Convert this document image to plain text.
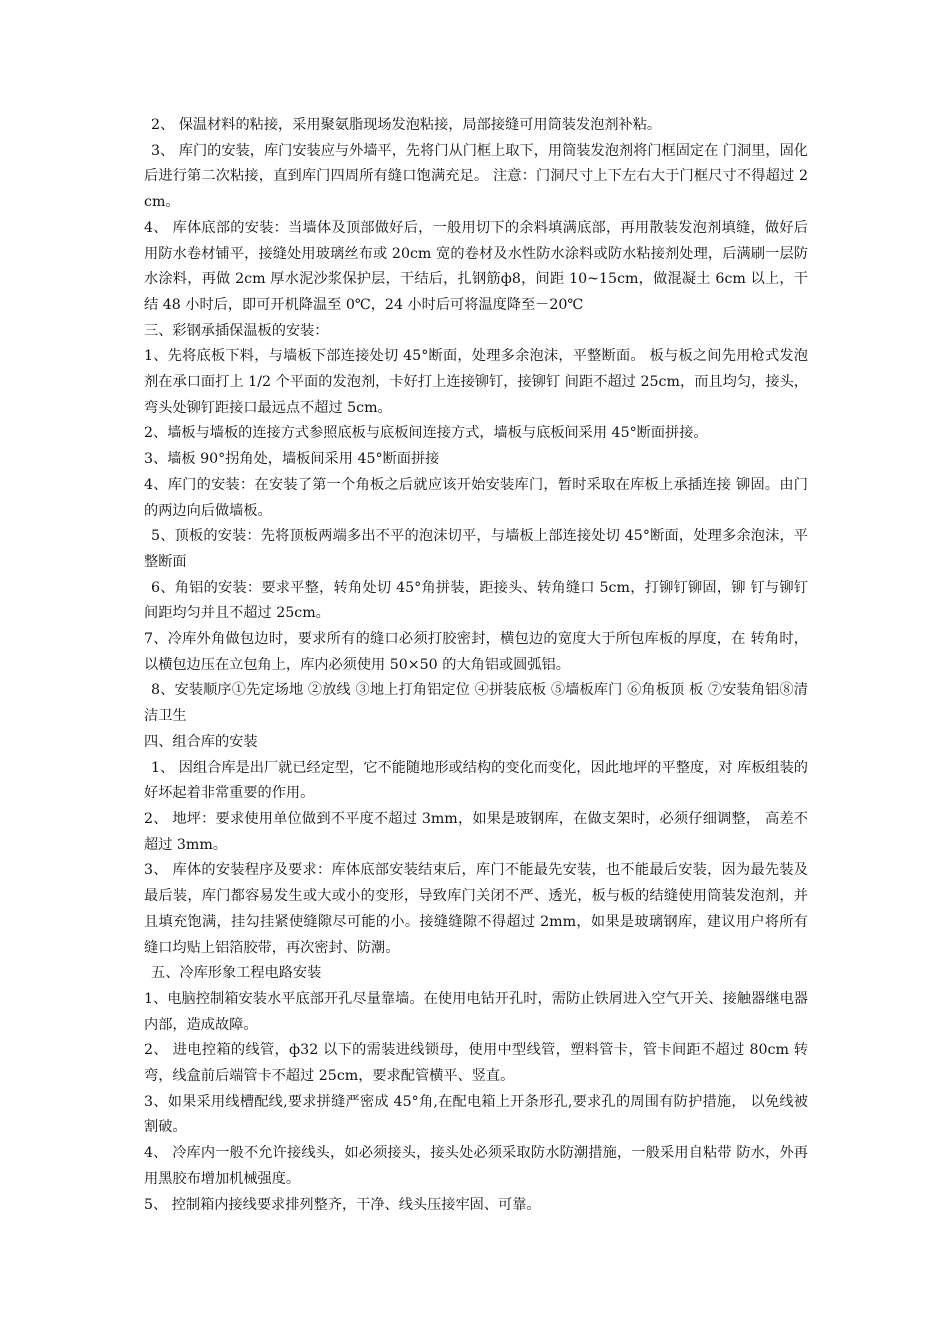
2、 保温材料的粘接，采用聚氨脂现场发泡粘接，局部接缝可用筒装发泡剂补粘。

3、 库门的安装，库门安装应与外墙平，先将门从门框上取下，用筒装发泡剂将门框固定在 门洞里，固化后进行第二次粘接，直到库门四周所有缝口饱满充足。 注意：门洞尺寸上下左右大于门框尺寸不得超过 2cm。

4、 库体底部的安装：当墙体及顶部做好后，一般用切下的余料填满底部，再用散装发泡剂填缝，做好后用防水卷材铺平，接缝处用玻璃丝布或 20cm 宽的卷材及水性防水涂料或防水粘接剂处理，后满刷一层防水涂料，再做 2cm 厚水泥沙浆保护层，干结后，扎钢筋ф8，间距 10~15cm，做混凝土 6cm 以上，干结 48 小时后，即可开机降温至 0℃，24 小时后可将温度降至－20℃

三、彩钢承插保温板的安装：

1、先将底板下料，与墙板下部连接处切 45°断面，处理多余泡沫，平整断面。 板与板之间先用枪式发泡剂在承口面打上 1/2 个平面的发泡剂，卡好打上连接铆钉，接铆钉 间距不超过 25cm，而且均匀，接头，弯头处铆钉距接口最远点不超过 5cm。

2、墙板与墙板的连接方式参照底板与底板间连接方式，墙板与底板间采用 45°断面拼接。

3、墙板 90°拐角处，墙板间采用 45°断面拼接

4、库门的安装：在安装了第一个角板之后就应该开始安装库门，暂时采取在库板上承插连接 铆固。由门的两边向后做墙板。

5、顶板的安装：先将顶板两端多出不平的泡沫切平，与墙板上部连接处切 45°断面，处理多余泡沫，平整断面

6、角铝的安装：要求平整，转角处切 45°角拼装，距接头、转角缝口 5cm，打铆钉铆固，铆 钉与铆钉间距均匀并且不超过 25cm。

7、冷库外角做包边时，要求所有的缝口必须打胶密封，横包边的宽度大于所包库板的厚度，在 转角时，以横包边压在立包角上，库内必须使用 50×50 的大角铝或圆弧铝。

8、安装顺序①先定场地 ②放线 ③地上打角铝定位 ④拼装底板 ⑤墙板库门 ⑥角板顶 板 ⑦安装角铝⑧清洁卫生

四、组合库的安装

1、 因组合库是出厂就已经定型，它不能随地形或结构的变化而变化，因此地坪的平整度，对 库板组装的好坏起着非常重要的作用。

2、 地坪：要求使用单位做到不平度不超过 3mm，如果是玻钢库，在做支架时，必须仔细调整， 高差不超过 3mm。

3、 库体的安装程序及要求：库体底部安装结束后，库门不能最先安装，也不能最后安装，因为最先装及最后装，库门都容易发生或大或小的变形，导致库门关闭不严、透光，板与板的结缝使用筒装发泡剂，并且填充饱满，挂勾挂紧使缝隙尽可能的小。接缝缝隙不得超过 2mm，如果是玻璃钢库，建议用户将所有缝口均贴上铝箔胶带，再次密封、防潮。

五、冷库形象工程电路安装

1、电脑控制箱安装水平底部开孔尽量靠墙。在使用电钻开孔时，需防止铁屑进入空气开关、接触器继电器内部，造成故障。

2、 进电控箱的线管，ф32 以下的需装进线锁母，使用中型线管，塑料管卡，管卡间距不超过 80cm 转弯，线盒前后端管卡不超过 25cm，要求配管横平、竖直。

3、如果采用线槽配线,要求拼缝严密成 45°角,在配电箱上开条形孔,要求孔的周围有防护措施， 以免线被割破。

4、 冷库内一般不允许接线头，如必须接头，接头处必须采取防水防潮措施，一般采用自粘带 防水，外再用黑胶布增加机械强度。

5、 控制箱内接线要求排列整齐，干净、线头压接牢固、可靠。
